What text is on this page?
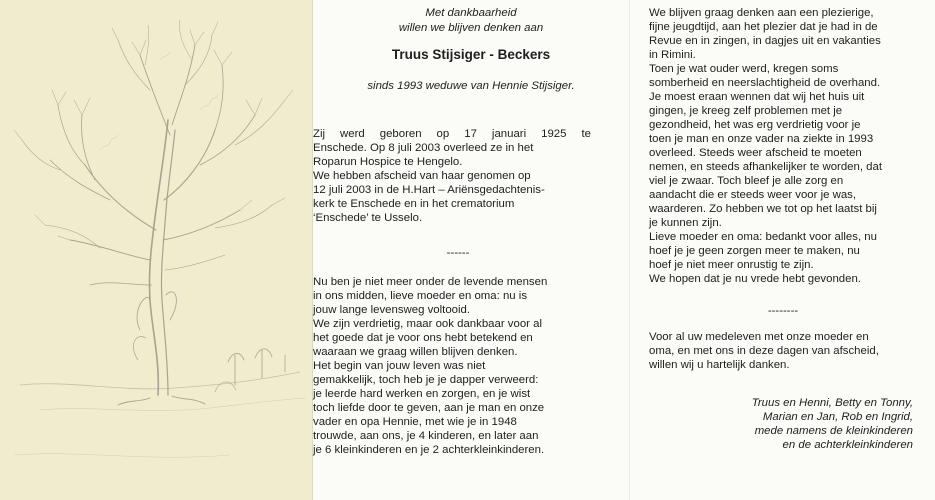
Met dankbaarheid

willen we blijven denken aan

Truus Stijsiger - Beckers

sinds 1993 weduwe van Hennie Stijsiger.

Zij werd geboren op 17 januari 1925 te

Enschede. Op 8 juli 2003 overleed ze in het

Roparun Hospice te Hengelo.

We hebben afscheid van haar genomen op

12 juli 2003 in de H.Hart – Ariënsgedachtenis-

kerk te Enschede en in het crematorium

‘Enschede’ te Usselo.

------

Nu ben je niet meer onder de levende mensen

in ons midden, lieve moeder en oma: nu is

jouw lange levensweg voltooid.

We zijn verdrietig, maar ook dankbaar voor al

het goede dat je voor ons hebt betekend en

waaraan we graag willen blijven denken.

Het begin van jouw leven was niet

gemakkelijk, toch heb je je dapper verweerd:

je leerde hard werken en zorgen, en je wist

toch liefde door te geven, aan je man en onze

vader en opa Hennie, met wie je in 1948

trouwde, aan ons, je 4 kinderen, en later aan

je 6 kleinkinderen en je 2 achterkleinkinderen.

We blijven graag denken aan een plezierige,

fijne jeugdtijd, aan het plezier dat je had in de

Revue en in zingen, in dagjes uit en vakanties

in Rimini.

Toen je wat ouder werd, kregen soms

somberheid en neerslachtigheid de overhand.

Je moest eraan wennen dat wij het huis uit

gingen, je kreeg zelf problemen met je

gezondheid, het was erg verdrietig voor je

toen je man en onze vader na ziekte in 1993

overleed. Steeds weer afscheid te moeten

nemen, en steeds afhankelijker te worden, dat

viel je zwaar. Toch bleef je alle zorg en

aandacht die er steeds weer voor je was,

waarderen. Zo hebben we tot op het laatst bij

je kunnen zijn.

Lieve moeder en oma: bedankt voor alles, nu

hoef je je geen zorgen meer te maken, nu

hoef je niet meer onrustig te zijn.

We hopen dat je nu vrede hebt gevonden.

--------

Voor al uw medeleven met onze moeder en

oma, en met ons in deze dagen van afscheid,

willen wij u hartelijk danken.

Truus en Henni, Betty en Tonny,

Marian en Jan, Rob en Ingrid,

mede namens de kleinkinderen

en de achterkleinkinderen
